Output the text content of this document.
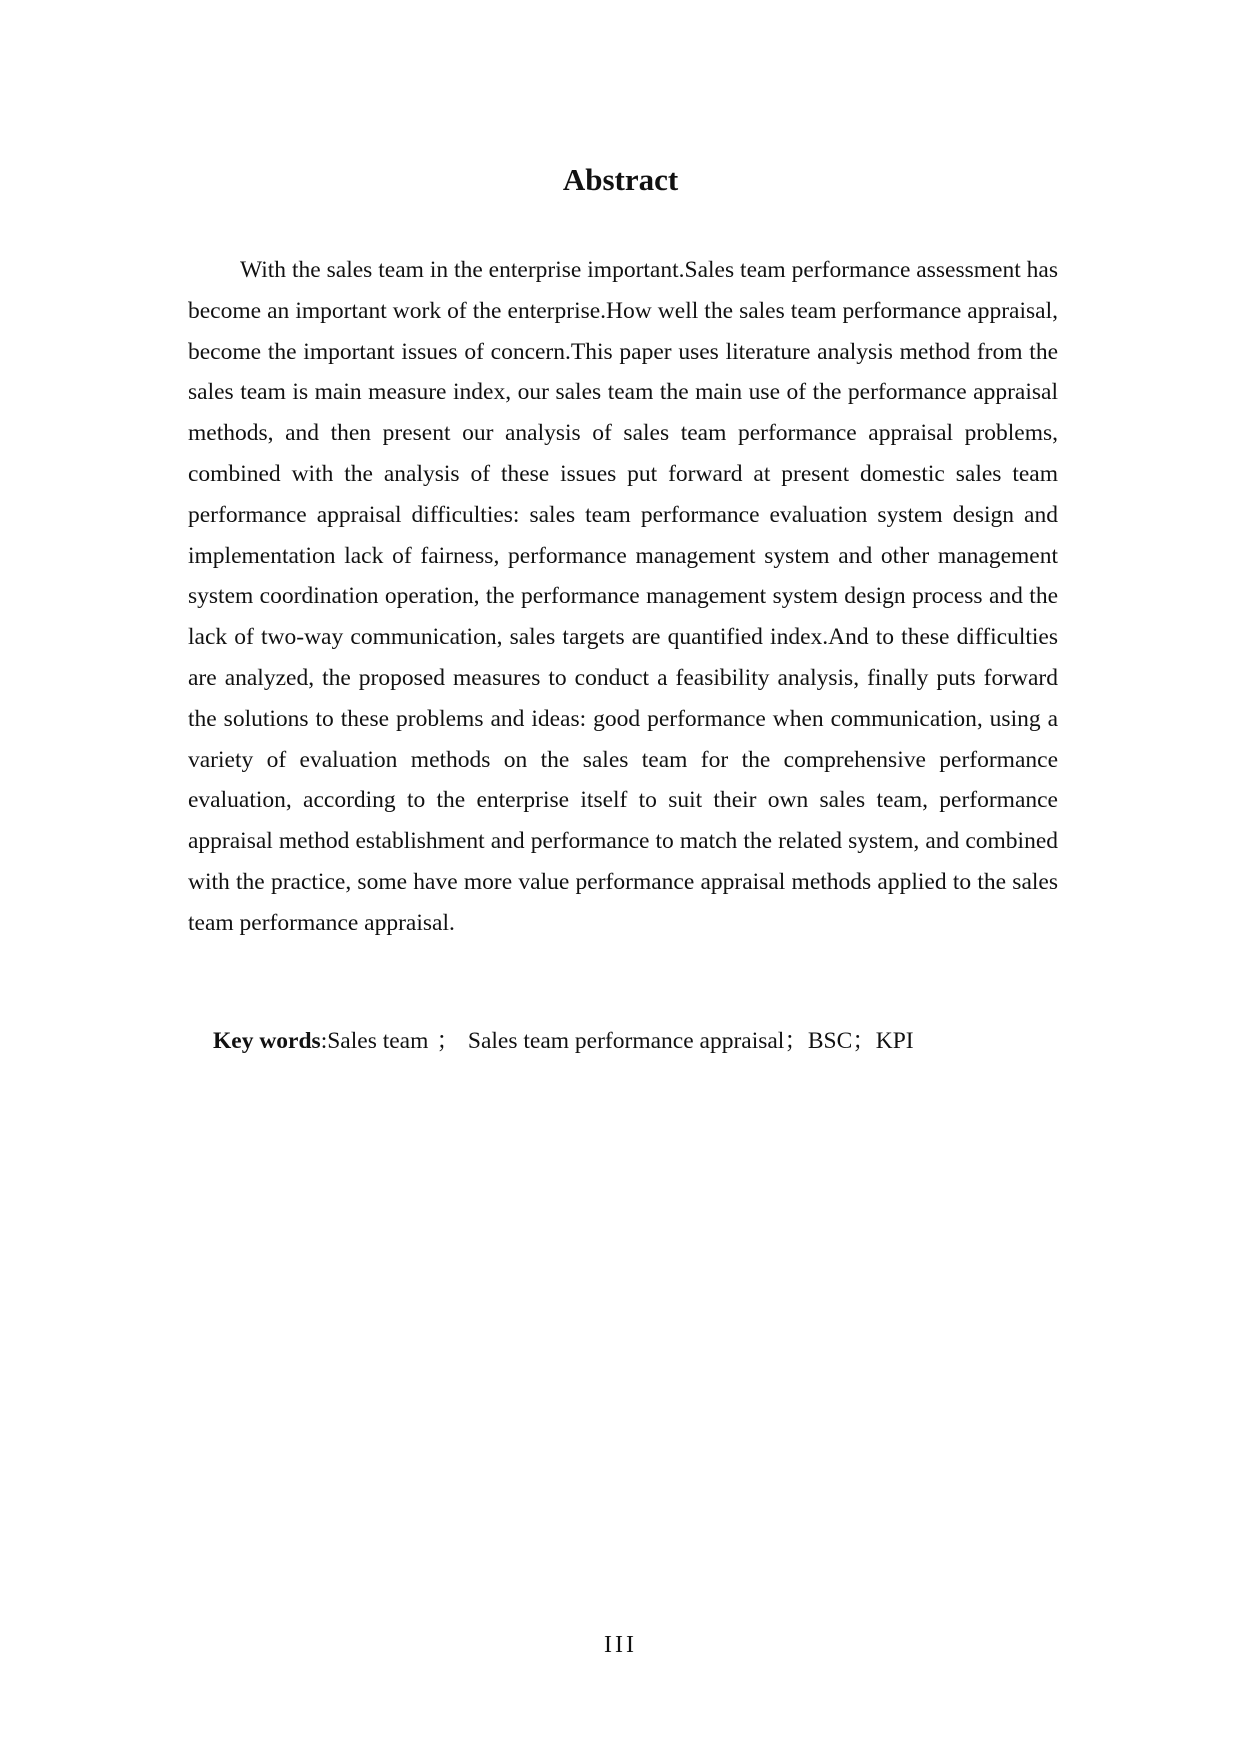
Abstract

With the sales team in the enterprise important.Sales team performance assessment has become an important work of the enterprise.How well the sales team performance appraisal, become the important issues of concern.This paper uses literature analysis method from the sales team is main measure index, our sales team the main use of the performance appraisal methods, and then present our analysis of sales team performance appraisal problems, combined with the analysis of these issues put forward at present domestic sales team performance appraisal difficulties: sales team performance evaluation system design and implementation lack of fairness, performance management system and other management system coordination operation, the performance management system design process and the lack of two-way communication, sales targets are quantified index.And to these difficulties are analyzed, the proposed measures to conduct a feasibility analysis, finally puts forward the solutions to these problems and ideas: good performance when communication, using a variety of evaluation methods on the sales team for the comprehensive performance evaluation, according to the enterprise itself to suit their own sales team, performance appraisal method establishment and performance to match the related system, and combined with the practice, some have more value performance appraisal methods applied to the sales team performance appraisal.

Key words:Sales team ； Sales team performance appraisal；BSC；KPI

III
